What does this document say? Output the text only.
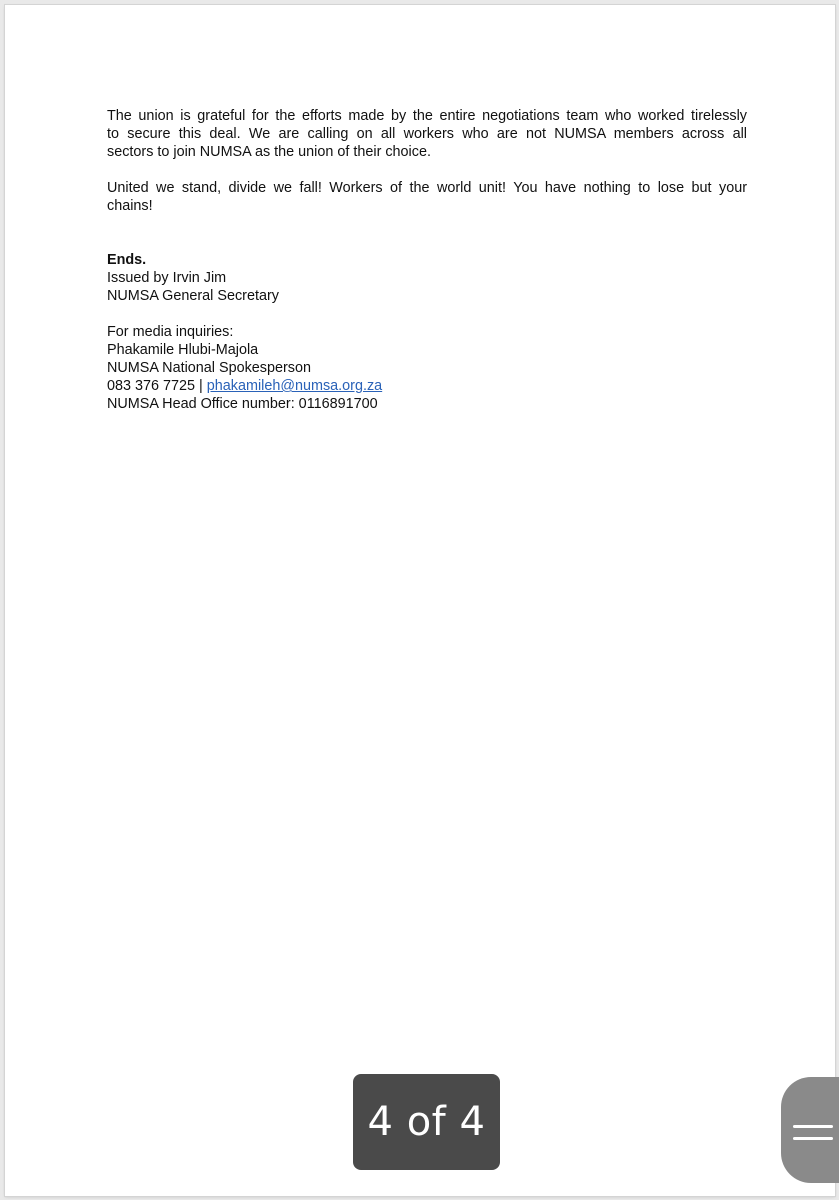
The union is grateful for the efforts made by the entire negotiations team who worked tirelessly
to secure this deal. We are calling on all workers who are not NUMSA members across all
sectors to join NUMSA as the union of their choice.
United we stand, divide we fall! Workers of the world unit! You have nothing to lose but your
chains!
Ends.
Issued by Irvin Jim
NUMSA General Secretary
For media inquiries:
Phakamile Hlubi-Majola
NUMSA National Spokesperson
083 376 7725 | phakamileh@numsa.org.za
NUMSA Head Office number: 0116891700
4 of 4
